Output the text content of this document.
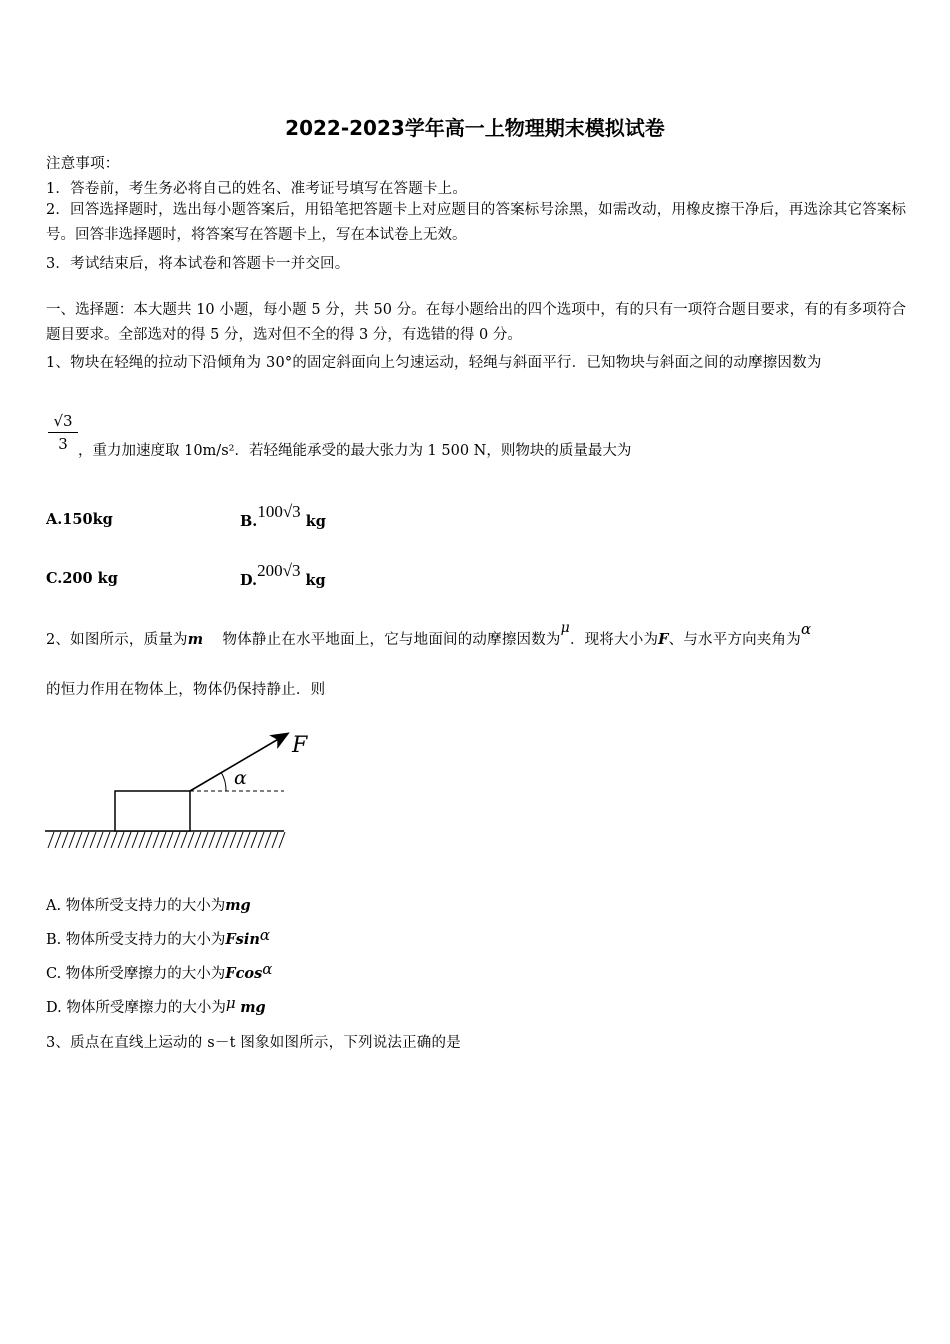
2022-2023学年高一上物理期末模拟试卷
注意事项：
1．答卷前，考生务必将自己的姓名、准考证号填写在答题卡上。
2．回答选择题时，选出每小题答案后，用铅笔把答题卡上对应题目的答案标号涂黑，如需改动，用橡皮擦干净后，再选涂其它答案标号。回答非选择题时，将答案写在答题卡上，写在本试卷上无效。
3．考试结束后，将本试卷和答题卡一并交回。
一、选择题：本大题共 10 小题，每小题 5 分，共 50 分。在每小题给出的四个选项中，有的只有一项符合题目要求，有的有多项符合题目要求。全部选对的得 5 分，选对但不全的得 3 分，有选错的得 0 分。
1、物块在轻绳的拉动下沿倾角为 30°的固定斜面向上匀速运动，轻绳与斜面平行．已知物块与斜面之间的动摩擦因数为
$\frac{√3}{3}$ ，重力加速度取 10m/s²．若轻绳能承受的最大张力为 1 500 N，则物块的质量最大为
A.150kg	B.100√3 kg
C.200 kg	D.200√3 kg
2、如图所示，质量为m 物体静止在水平地面上，它与地面间的动摩擦因数为μ．现将大小为F、与水平方向夹角为α
的恒力作用在物体上，物体仍保持静止．则
F
α
A. 物体所受支持力的大小为mg
B. 物体所受支持力的大小为Fsinα
C. 物体所受摩擦力的大小为Fcosα
D. 物体所受摩擦力的大小为μ mg
3、质点在直线上运动的 s－t 图象如图所示，下列说法正确的是
